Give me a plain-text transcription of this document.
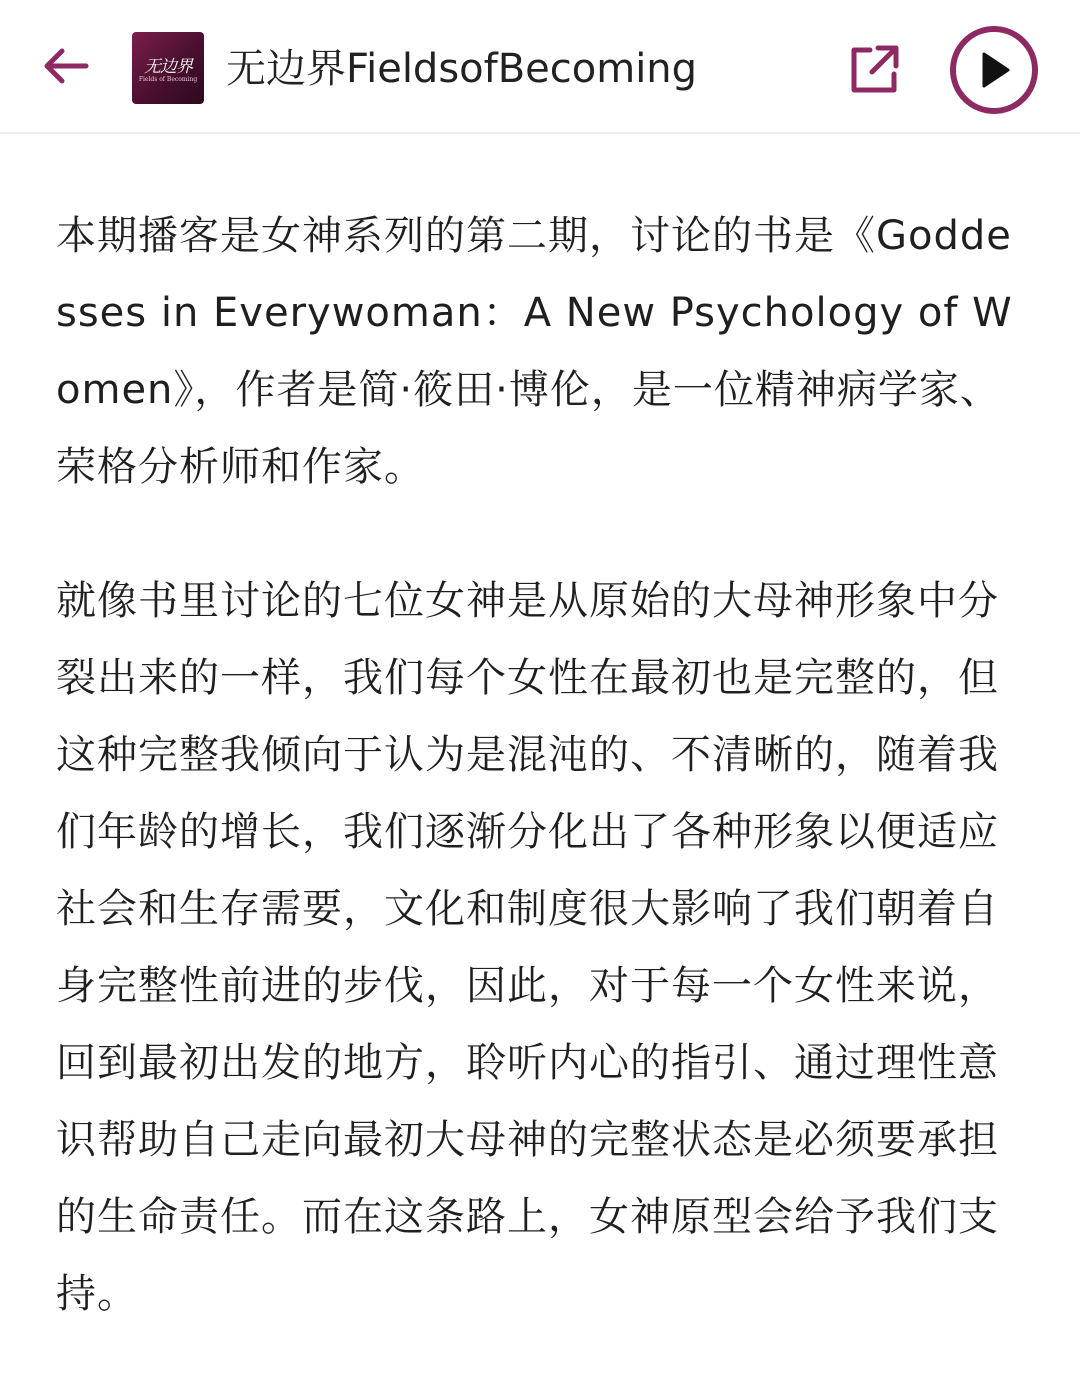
无边界
Fields of Becoming 无边界FieldsofBecoming

本期播客是女神系列的第二期，讨论的书是《Goddesses in Everywoman：A New Psychology of Women》，作者是简·筱田·博伦，是一位精神病学家、荣格分析师和作家。

就像书里讨论的七位女神是从原始的大母神形象中分裂出来的一样，我们每个女性在最初也是完整的，但这种完整我倾向于认为是混沌的、不清晰的，随着我们年龄的增长，我们逐渐分化出了各种形象以便适应社会和生存需要，文化和制度很大影响了我们朝着自身完整性前进的步伐，因此，对于每一个女性来说，回到最初出发的地方，聆听内心的指引、通过理性意识帮助自己走向最初大母神的完整状态是必须要承担的生命责任。而在这条路上，女神原型会给予我们支持。
